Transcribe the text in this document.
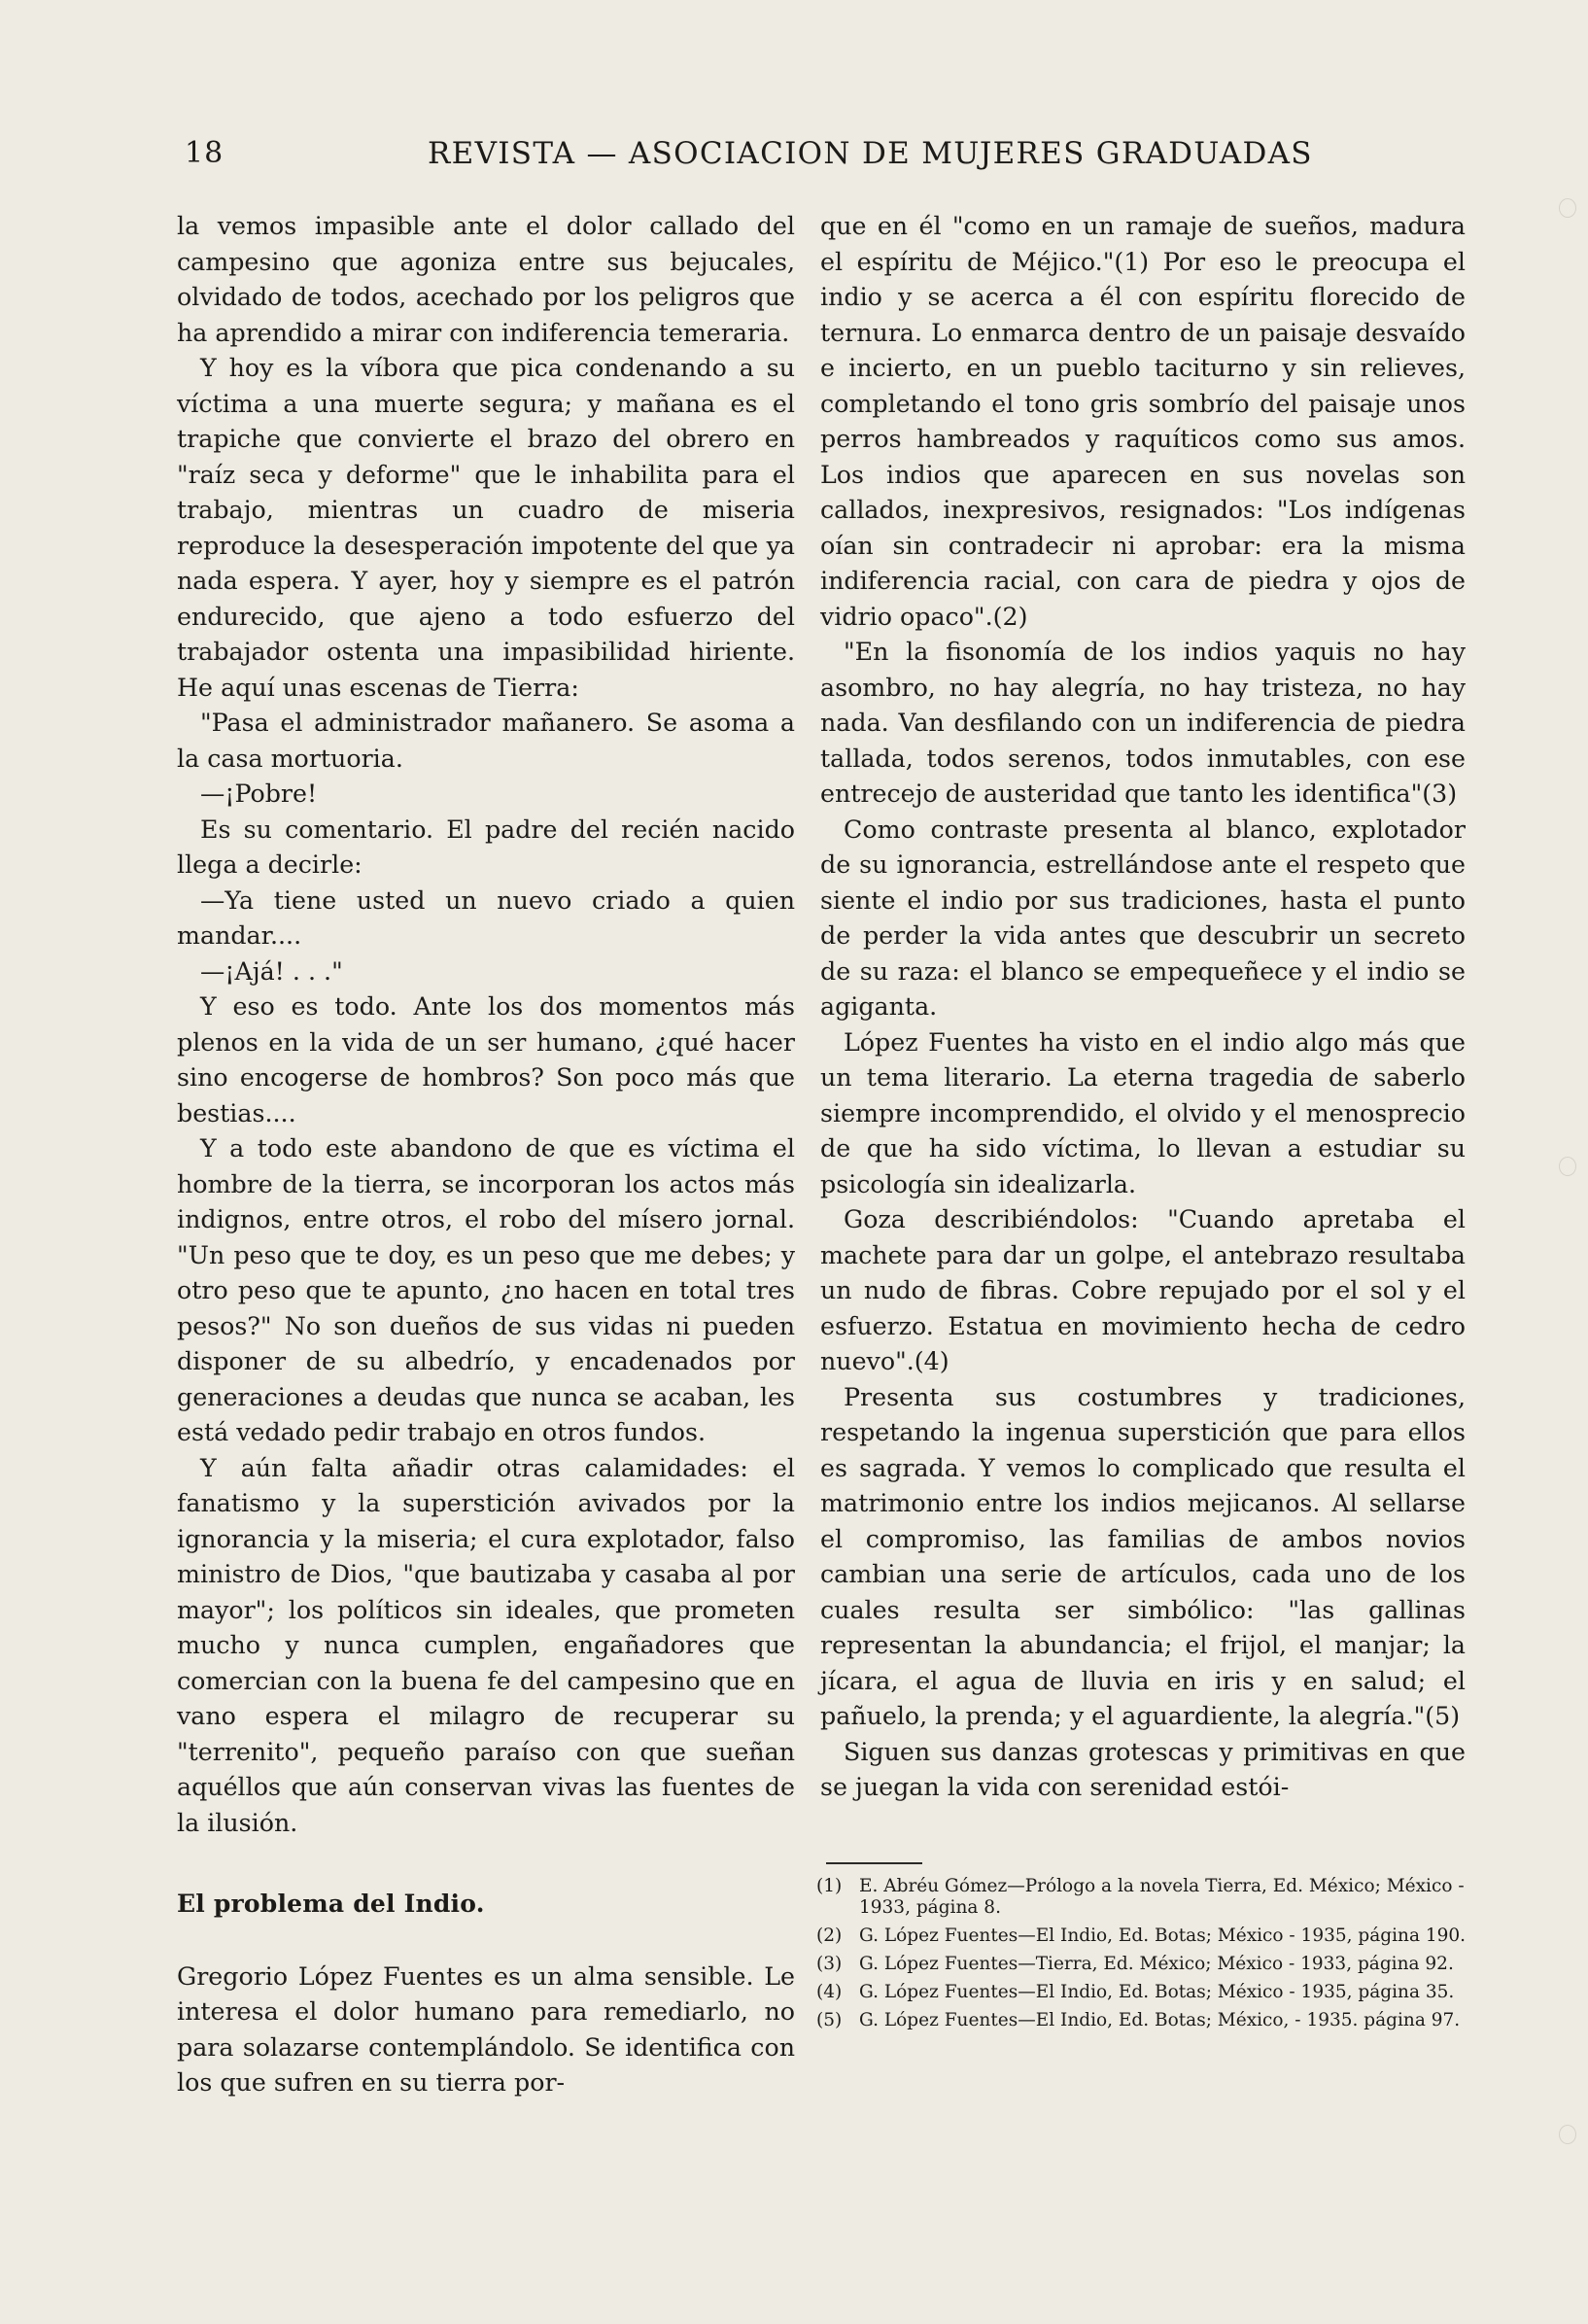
18	REVISTA — ASOCIACION DE MUJERES GRADUADAS

la vemos impasible ante el dolor callado del campesino que agoniza entre sus bejucales, olvidado de todos, acechado por los peligros que ha aprendido a mirar con indiferencia temeraria.

Y hoy es la víbora que pica condenando a su víctima a una muerte segura; y mañana es el trapiche que convierte el brazo del obrero en "raíz seca y deforme" que le inhabilita para el trabajo, mientras un cuadro de miseria reproduce la desesperación impotente del que ya nada espera. Y ayer, hoy y siempre es el patrón endurecido, que ajeno a todo esfuerzo del trabajador ostenta una impasibilidad hiriente. He aquí unas escenas de Tierra:

"Pasa el administrador mañanero. Se asoma a la casa mortuoria.

—¡Pobre!

Es su comentario. El padre del recién nacido llega a decirle:

—Ya tiene usted un nuevo criado a quien mandar....

—¡Ajá! . . ."

Y eso es todo. Ante los dos momentos más plenos en la vida de un ser humano, ¿qué hacer sino encogerse de hombros? Son poco más que bestias....

Y a todo este abandono de que es víctima el hombre de la tierra, se incorporan los actos más indignos, entre otros, el robo del mísero jornal. "Un peso que te doy, es un peso que me debes; y otro peso que te apunto, ¿no hacen en total tres pesos?" No son dueños de sus vidas ni pueden disponer de su albedrío, y encadenados por generaciones a deudas que nunca se acaban, les está vedado pedir trabajo en otros fundos.

Y aún falta añadir otras calamidades: el fanatismo y la superstición avivados por la ignorancia y la miseria; el cura explotador, falso ministro de Dios, "que bautizaba y casaba al por mayor"; los políticos sin ideales, que prometen mucho y nunca cumplen, engañadores que comercian con la buena fe del campesino que en vano espera el milagro de recuperar su "terrenito", pequeño paraíso con que sueñan aquéllos que aún conservan vivas las fuentes de la ilusión.

El problema del Indio.

Gregorio López Fuentes es un alma sensible. Le interesa el dolor humano para remediarlo, no para solazarse contemplándolo. Se identifica con los que sufren en su tierra por-

que en él "como en un ramaje de sueños, madura el espíritu de Méjico."(1) Por eso le preocupa el indio y se acerca a él con espíritu florecido de ternura. Lo enmarca dentro de un paisaje desvaído e incierto, en un pueblo taciturno y sin relieves, completando el tono gris sombrío del paisaje unos perros hambreados y raquíticos como sus amos. Los indios que aparecen en sus novelas son callados, inexpresivos, resignados: "Los indígenas oían sin contradecir ni aprobar: era la misma indiferencia racial, con cara de piedra y ojos de vidrio opaco".(2)

"En la fisonomía de los indios yaquis no hay asombro, no hay alegría, no hay tristeza, no hay nada. Van desfilando con un indiferencia de piedra tallada, todos serenos, todos inmutables, con ese entrecejo de austeridad que tanto les identifica"(3)

Como contraste presenta al blanco, explotador de su ignorancia, estrellándose ante el respeto que siente el indio por sus tradiciones, hasta el punto de perder la vida antes que descubrir un secreto de su raza: el blanco se empequeñece y el indio se agiganta.

López Fuentes ha visto en el indio algo más que un tema literario. La eterna tragedia de saberlo siempre incomprendido, el olvido y el menosprecio de que ha sido víctima, lo llevan a estudiar su psicología sin idealizarla.

Goza describiéndolos: "Cuando apretaba el machete para dar un golpe, el antebrazo resultaba un nudo de fibras. Cobre repujado por el sol y el esfuerzo. Estatua en movimiento hecha de cedro nuevo".(4)

Presenta sus costumbres y tradiciones, respetando la ingenua superstición que para ellos es sagrada. Y vemos lo complicado que resulta el matrimonio entre los indios mejicanos. Al sellarse el compromiso, las familias de ambos novios cambian una serie de artículos, cada uno de los cuales resulta ser simbólico: "las gallinas representan la abundancia; el frijol, el manjar; la jícara, el agua de lluvia en iris y en salud; el pañuelo, la prenda; y el aguardiente, la alegría."(5)

Siguen sus danzas grotescas y primitivas en que se juegan la vida con serenidad estói-

(1) E. Abréu Gómez—Prólogo a la novela Tierra, Ed. México; México - 1933, página 8.
(2) G. López Fuentes—El Indio, Ed. Botas; México - 1935, página 190.
(3) G. López Fuentes—Tierra, Ed. México; México - 1933, página 92.
(4) G. López Fuentes—El Indio, Ed. Botas; México - 1935, página 35.
(5) G. López Fuentes—El Indio, Ed. Botas; México, - 1935. página 97.
